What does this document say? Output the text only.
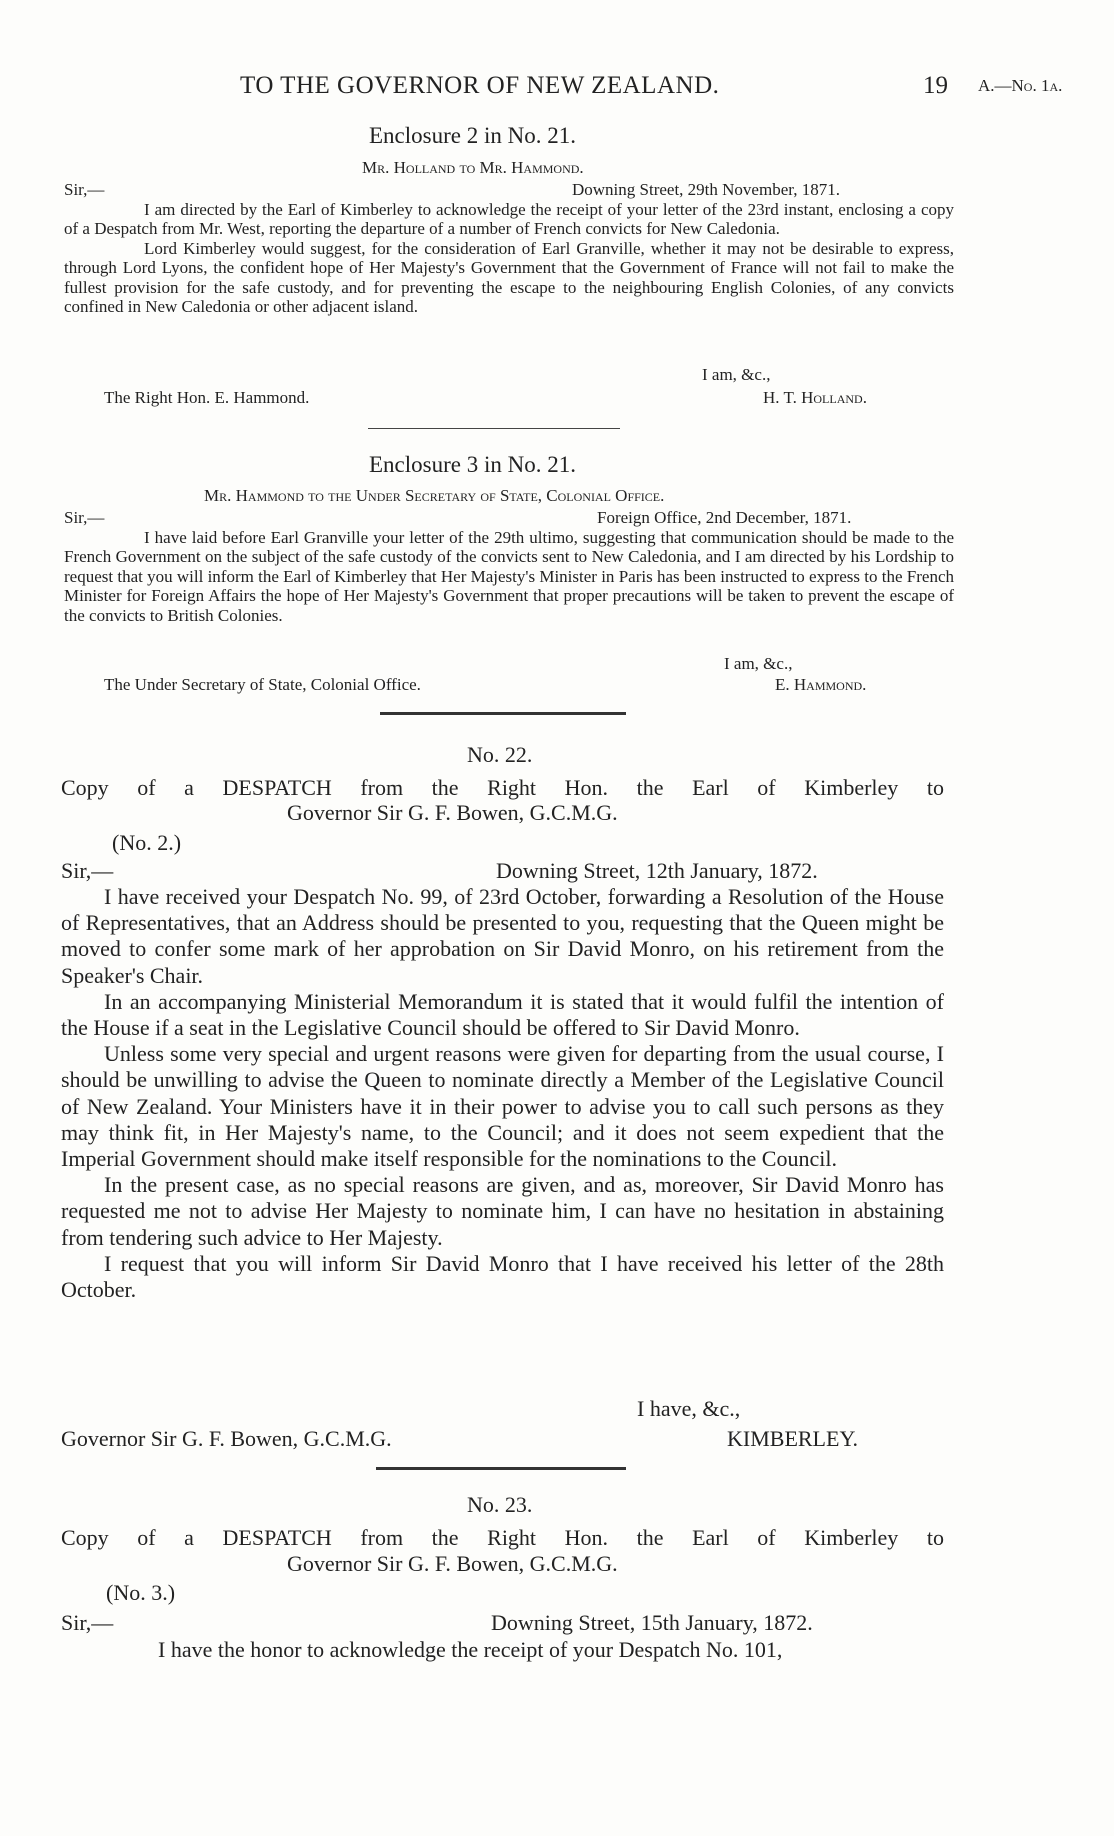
TO THE GOVERNOR OF NEW ZEALAND.	19 A.—No. 1a.
Enclosure 2 in No. 21.
Mr. Holland to Mr. Hammond.
Sir,—	Downing Street, 29th November, 1871.

I am directed by the Earl of Kimberley to acknowledge the receipt of your letter of the 23rd instant, enclosing a copy of a Despatch from Mr. West, reporting the departure of a number of French convicts for New Caledonia.

Lord Kimberley would suggest, for the consideration of Earl Granville, whether it may not be desirable to express, through Lord Lyons, the confident hope of Her Majesty's Government that the Government of France will not fail to make the fullest provision for the safe custody, and for preventing the escape to the neighbouring English Colonies, of any convicts confined in New Caledonia or other adjacent island.

I am, &c.,
The Right Hon. E. Hammond.	H. T. Holland.
Enclosure 3 in No. 21.
Mr. Hammond to the Under Secretary of State, Colonial Office.
Sir,—	Foreign Office, 2nd December, 1871.

I have laid before Earl Granville your letter of the 29th ultimo, suggesting that communication should be made to the French Government on the subject of the safe custody of the convicts sent to New Caledonia, and I am directed by his Lordship to request that you will inform the Earl of Kimberley that Her Majesty's Minister in Paris has been instructed to express to the French Minister for Foreign Affairs the hope of Her Majesty's Government that proper precautions will be taken to prevent the escape of the convicts to British Colonies.

I am, &c.,
The Under Secretary of State, Colonial Office.	E. Hammond.
No. 22.
Copy of a DESPATCH from the Right Hon. the Earl of Kimberley to
Governor Sir G. F. Bowen, G.C.M.G.
(No. 2.)
Sir,—	Downing Street, 12th January, 1872.

I have received your Despatch No. 99, of 23rd October, forwarding a Resolution of the House of Representatives, that an Address should be presented to you, requesting that the Queen might be moved to confer some mark of her approbation on Sir David Monro, on his retirement from the Speaker's Chair.

In an accompanying Ministerial Memorandum it is stated that it would fulfil the intention of the House if a seat in the Legislative Council should be offered to Sir David Monro.

Unless some very special and urgent reasons were given for departing from the usual course, I should be unwilling to advise the Queen to nominate directly a Member of the Legislative Council of New Zealand. Your Ministers have it in their power to advise you to call such persons as they may think fit, in Her Majesty's name, to the Council; and it does not seem expedient that the Imperial Government should make itself responsible for the nominations to the Council.

In the present case, as no special reasons are given, and as, moreover, Sir David Monro has requested me not to advise Her Majesty to nominate him, I can have no hesitation in abstaining from tendering such advice to Her Majesty.

I request that you will inform Sir David Monro that I have received his letter of the 28th October.

I have, &c.,
Governor Sir G. F. Bowen, G.C.M.G.	KIMBERLEY.
No. 23.
Copy of a DESPATCH from the Right Hon. the Earl of Kimberley to
Governor Sir G. F. Bowen, G.C.M.G.
(No. 3.)
Sir,—	Downing Street, 15th January, 1872.
I have the honor to acknowledge the receipt of your Despatch No. 101,
